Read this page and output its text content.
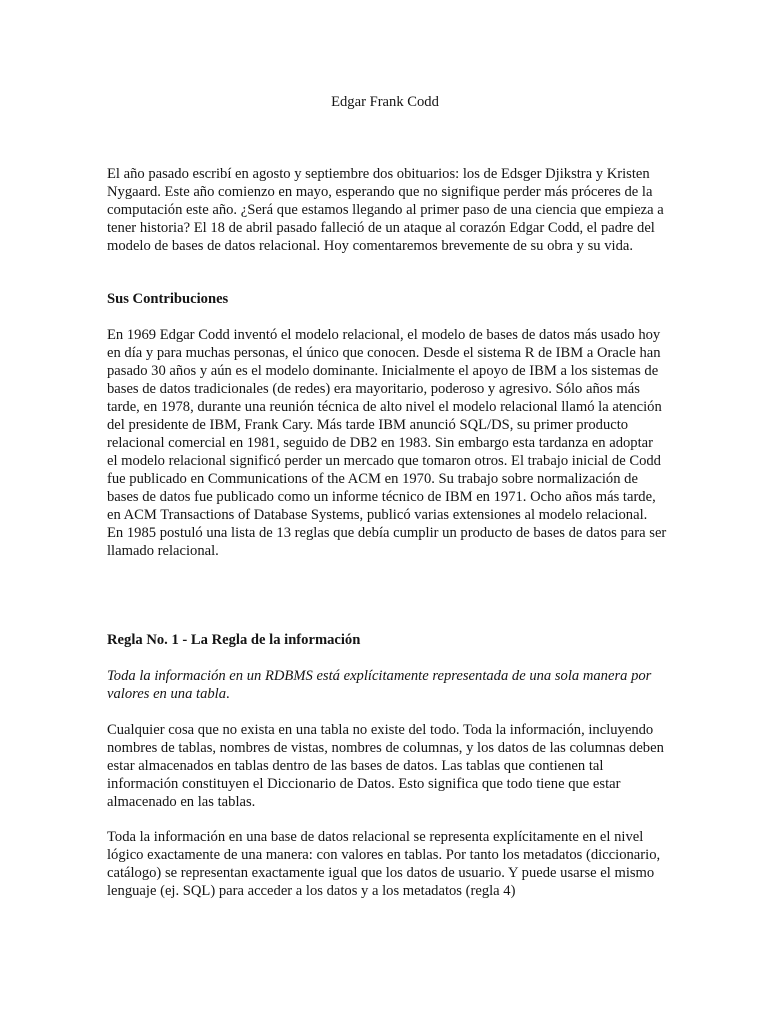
Edgar Frank Codd
El año pasado escribí en agosto y septiembre dos obituarios: los de Edsger Djikstra y Kristen Nygaard. Este año comienzo en mayo, esperando que no signifique perder más próceres de la computación este año. ¿Será que estamos llegando al primer paso de una ciencia que empieza a tener historia? El 18 de abril pasado falleció de un ataque al corazón Edgar Codd, el padre del modelo de bases de datos relacional. Hoy comentaremos brevemente de su obra y su vida.
Sus Contribuciones
En 1969 Edgar Codd inventó el modelo relacional, el modelo de bases de datos más usado hoy en día y para muchas personas, el único que conocen. Desde el sistema R de IBM a Oracle han pasado 30 años y aún es el modelo dominante. Inicialmente el apoyo de IBM a los sistemas de bases de datos tradicionales (de redes) era mayoritario, poderoso y agresivo. Sólo años más tarde, en 1978, durante una reunión técnica de alto nivel el modelo relacional llamó la atención del presidente de IBM, Frank Cary. Más tarde IBM anunció SQL/DS, su primer producto relacional comercial en 1981, seguido de DB2 en 1983. Sin embargo esta tardanza en adoptar el modelo relacional significó perder un mercado que tomaron otros. El trabajo inicial de Codd fue publicado en Communications of the ACM en 1970. Su trabajo sobre normalización de bases de datos fue publicado como un informe técnico de IBM en 1971. Ocho años más tarde, en ACM Transactions of Database Systems, publicó varias extensiones al modelo relacional. En 1985 postuló una lista de 13 reglas que debía cumplir un producto de bases de datos para ser llamado relacional.
Regla No. 1 - La Regla de la información
Toda la información en un RDBMS está explícitamente representada de una sola manera por valores en una tabla.
Cualquier cosa que no exista en una tabla no existe del todo. Toda la información, incluyendo nombres de tablas, nombres de vistas, nombres de columnas, y los datos de las columnas deben estar almacenados en tablas dentro de las bases de datos. Las tablas que contienen tal información constituyen el Diccionario de Datos. Esto significa que todo tiene que estar almacenado en las tablas.
Toda la información en una base de datos relacional se representa explícitamente en el nivel lógico exactamente de una manera: con valores en tablas. Por tanto los metadatos (diccionario, catálogo) se representan exactamente igual que los datos de usuario. Y puede usarse el mismo lenguaje (ej. SQL) para acceder a los datos y a los metadatos (regla 4)
